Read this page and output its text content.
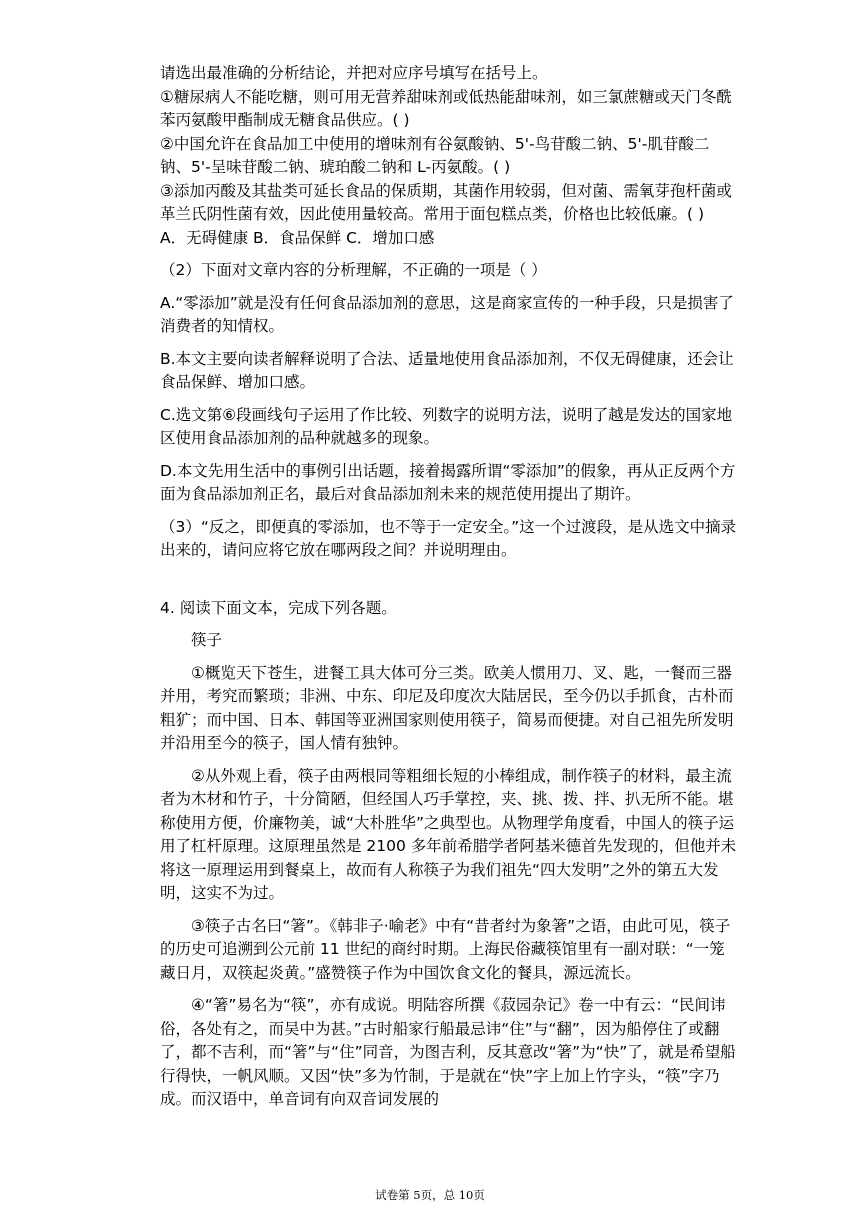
请选出最准确的分析结论，并把对应序号填写在括号上。

①糖尿病人不能吃糖，则可用无营养甜味剂或低热能甜味剂，如三氯蔗糖或天门冬酰苯丙氨酸甲酯制成无糖食品供应。( )

②中国允许在食品加工中使用的增味剂有谷氨酸钠、5'-鸟苷酸二钠、5'-肌苷酸二钠、5'-呈味苷酸二钠、琥珀酸二钠和 L-丙氨酸。( )

③添加丙酸及其盐类可延长食品的保质期，其菌作用较弱，但对菌、需氧芽孢杆菌或革兰氏阴性菌有效，因此使用量较高。常用于面包糕点类，价格也比较低廉。( )

A．无碍健康 B．食品保鲜 C．增加口感

（2）下面对文章内容的分析理解，不正确的一项是（ ）

A.“零添加”就是没有任何食品添加剂的意思，这是商家宣传的一种手段，只是损害了消费者的知情权。

B.本文主要向读者解释说明了合法、适量地使用食品添加剂，不仅无碍健康，还会让食品保鲜、增加口感。

C.选文第⑥段画线句子运用了作比较、列数字的说明方法，说明了越是发达的国家地区使用食品添加剂的品种就越多的现象。

D.本文先用生活中的事例引出话题，接着揭露所谓“零添加”的假象，再从正反两个方面为食品添加剂正名，最后对食品添加剂未来的规范使用提出了期许。

（3）“反之，即便真的零添加，也不等于一定安全。”这一个过渡段，是从选文中摘录出来的，请问应将它放在哪两段之间？并说明理由。

4. 阅读下面文本，完成下列各题。

筷子

①概览天下苍生，进餐工具大体可分三类。欧美人惯用刀、叉、匙，一餐而三器并用，考究而繁琐；非洲、中东、印尼及印度次大陆居民，至今仍以手抓食，古朴而粗犷；而中国、日本、韩国等亚洲国家则使用筷子，简易而便捷。对自己祖先所发明并沿用至今的筷子，国人情有独钟。

②从外观上看，筷子由两根同等粗细长短的小棒组成，制作筷子的材料，最主流者为木材和竹子，十分简陋，但经国人巧手掌控，夹、挑、拨、拌、扒无所不能。堪称使用方便，价廉物美，诚“大朴胜华”之典型也。从物理学角度看，中国人的筷子运用了杠杆原理。这原理虽然是 2100 多年前希腊学者阿基米德首先发现的，但他并未将这一原理运用到餐桌上，故而有人称筷子为我们祖先“四大发明”之外的第五大发明，这实不为过。

③筷子古名曰“箸”。《韩非子·喻老》中有“昔者纣为象箸”之语，由此可见，筷子的历史可追溯到公元前 11 世纪的商纣时期。上海民俗藏筷馆里有一副对联：“一笼藏日月，双筷起炎黄。”盛赞筷子作为中国饮食文化的餐具，源远流长。

④“箸”易名为“筷”，亦有成说。明陆容所撰《菽园杂记》卷一中有云：“民间讳俗，各处有之，而吴中为甚。”古时船家行船最忌讳“住”与“翻”，因为船停住了或翻了，都不吉利，而“箸”与“住”同音，为图吉利，反其意改“箸”为“快”了，就是希望船行得快，一帆风顺。又因“快”多为竹制，于是就在“快”字上加上竹字头，“筷”字乃成。而汉语中，单音词有向双音词发展的

试卷第 5页，总 10页
